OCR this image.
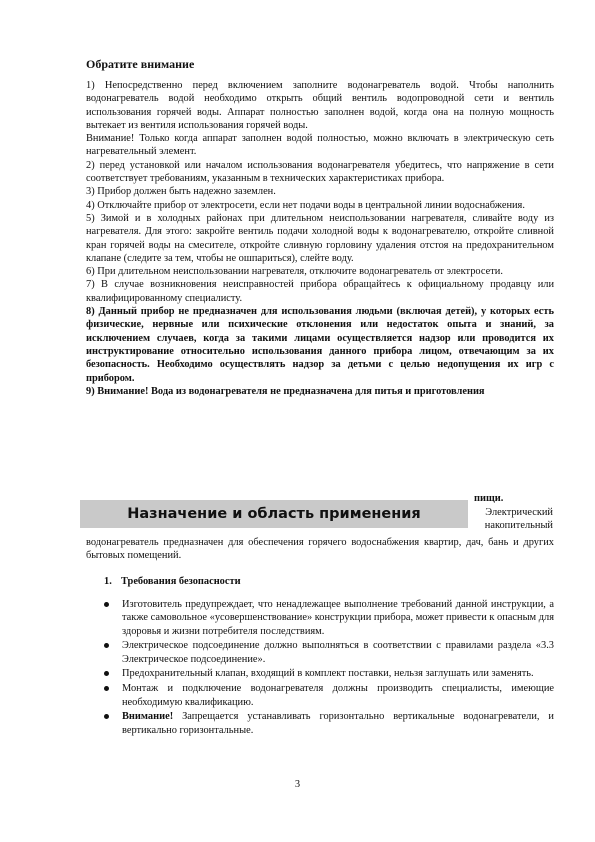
Обратите внимание

1) Непосредственно перед включением заполните водонагреватель водой. Чтобы наполнить водонагреватель водой необходимо открыть общий вентиль водопроводной сети и вентиль использования горячей воды. Аппарат полностью заполнен водой, когда она на полную мощность вытекает из вентиля использования горячей воды.

Внимание! Только когда аппарат заполнен водой полностью, можно включать в электрическую сеть нагревательный элемент.

2) перед установкой или началом использования водонагревателя убедитесь, что напряжение в сети соответствует требованиям, указанным в технических характеристиках прибора.

3) Прибор должен быть надежно заземлен.

4) Отключайте прибор от электросети, если нет подачи воды в центральной линии водоснабжения.

5) Зимой и в холодных районах при длительном неиспользовании нагревателя, сливайте воду из нагревателя. Для этого: закройте вентиль подачи холодной воды к водонагревателю, откройте сливной кран горячей воды на смесителе, откройте сливную горловину удаления отстоя на предохранительном клапане (следите за тем, чтобы не ошпариться), слейте воду.

6) При длительном неиспользовании нагревателя, отключите водонагреватель от электросети.

7) В случае возникновения неисправностей прибора обращайтесь к официальному продавцу или квалифицированному специалисту.

8) Данный прибор не предназначен для использования людьми (включая детей), у которых есть физические, нервные или психические отклонения или недостаток опыта и знаний, за исключением случаев, когда за такими лицами осуществляется надзор или проводится их инструктирование относительно использования данного прибора лицом, отвечающим за их безопасность. Необходимо осуществлять надзор за детьми с целью недопущения их игр с прибором.

9) Внимание! Вода из водонагревателя не предназначена для питья и приготовления

Назначение и область применения
пищи.
Электрический
накопительный
водонагреватель предназначен для обеспечения горячего водоснабжения квартир, дач, бань и других бытовых помещений.
1. Требования безопасности
Изготовитель предупреждает, что ненадлежащее выполнение требований данной инструкции, а также самовольное «усовершенствование» конструкции прибора, может привести к опасным для здоровья и жизни потребителя последствиям.
Электрическое подсоединение должно выполняться в соответствии с правилами раздела «3.3 Электрическое подсоединение».
Предохранительный клапан, входящий в комплект поставки, нельзя заглушать или заменять.
Монтаж и подключение водонагревателя должны производить специалисты, имеющие необходимую квалификацию.
Внимание! Запрещается устанавливать горизонтально вертикальные водонагреватели, и вертикально горизонтальные.
3
